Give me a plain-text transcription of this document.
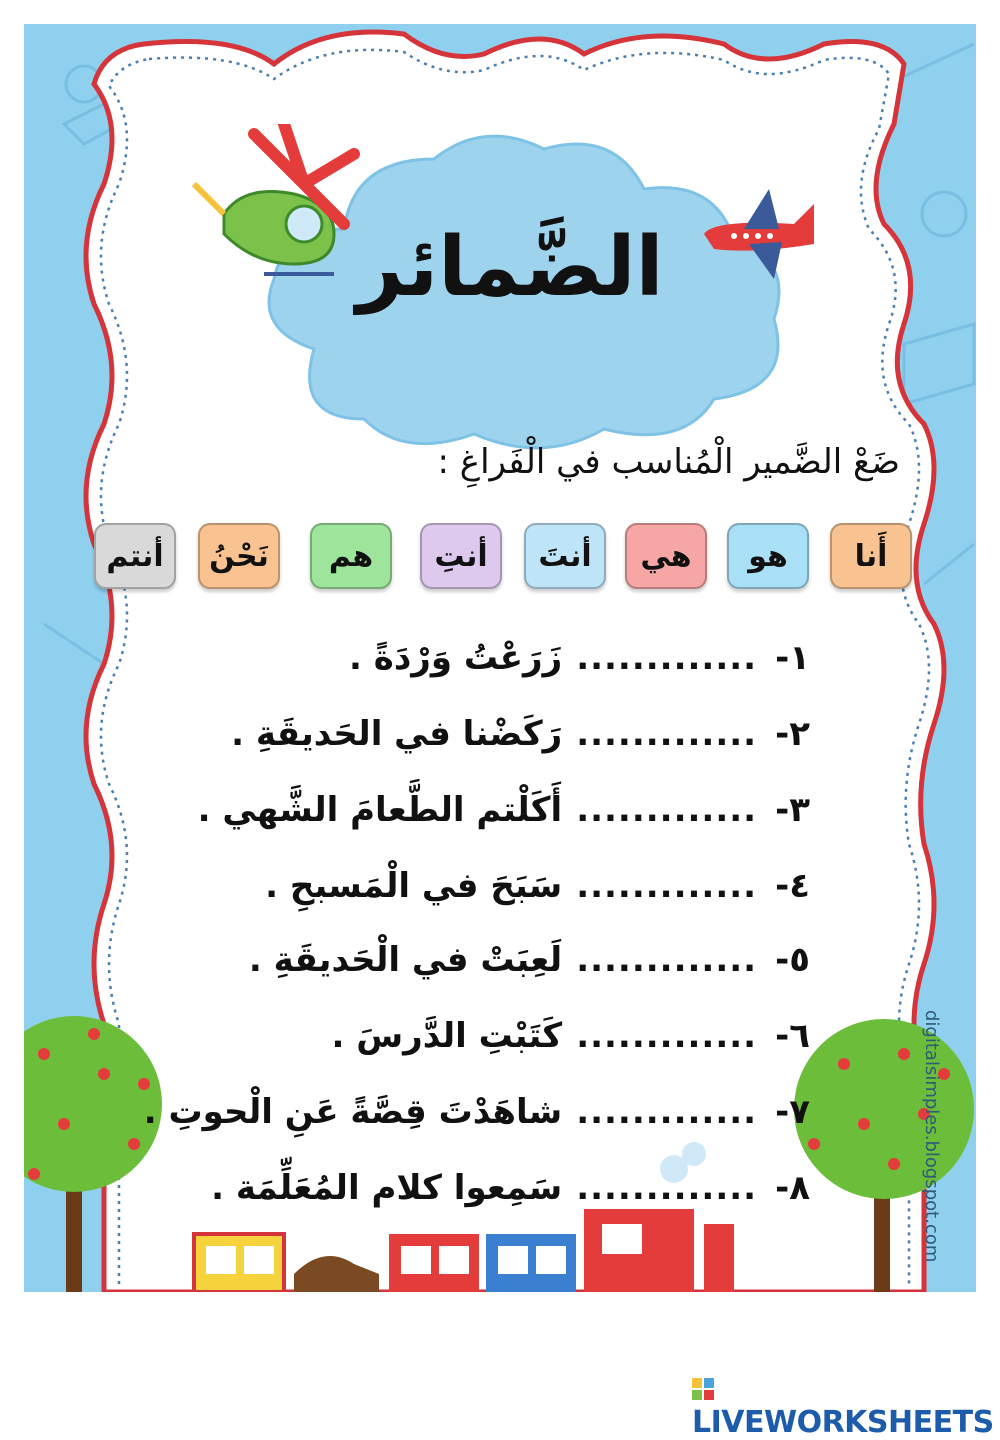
الضَّمائر
ضَعْ الضَّمير الْمُناسب في الْفَراغِ :
أَنا
هو
هي
أنتَ
أنتِ
هم
نَحْنُ
أنتم
١-.............زَرَعْتُ وَرْدَةً .
٢-.............رَكَضْنا في الحَديقَةِ .
٣-.............أَكَلْتم الطَّعامَ الشَّهي .
٤-.............سَبَحَ في الْمَسبحِ .
٥-.............لَعِبَتْ في الْحَديقَةِ .
٦-.............كَتَبْتِ الدَّرسَ .
٧-.............شاهَدْتَ قِصَّةً عَنِ الْحوتِ .
٨-.............سَمِعوا كلام المُعَلِّمَة .	digitalsimples.blogspot.com
LIVEWORKSHEETS
